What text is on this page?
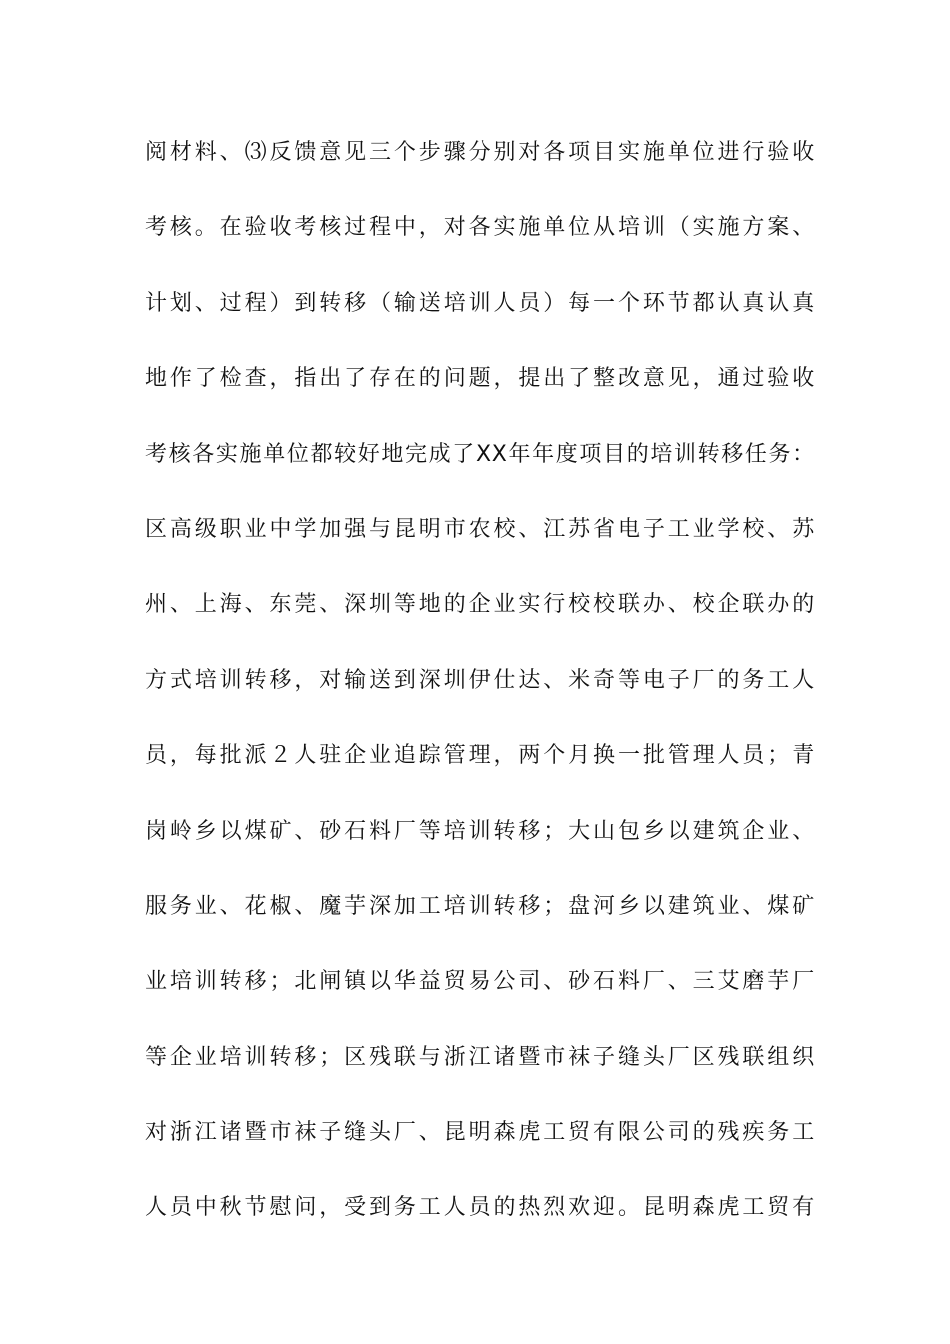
阅材料、⑶反馈意见三个步骤分别对各项目实施单位进行验收
考核。在验收考核过程中，对各实施单位从培训（实施方案、
计划、过程）到转移（输送培训人员）每一个环节都认真认真
地作了检查，指出了存在的问题，提出了整改意见，通过验收
考核各实施单位都较好地完成了XX年年度项目的培训转移任务：
区高级职业中学加强与昆明市农校、江苏省电子工业学校、苏
州、上海、东莞、深圳等地的企业实行校校联办、校企联办的
方式培训转移，对输送到深圳伊仕达、米奇等电子厂的务工人
员，每批派２人驻企业追踪管理，两个月换一批管理人员；青
岗岭乡以煤矿、砂石料厂等培训转移；大山包乡以建筑企业、
服务业、花椒、魔芋深加工培训转移；盘河乡以建筑业、煤矿
业培训转移；北闸镇以华益贸易公司、砂石料厂、三艾磨芋厂
等企业培训转移；区残联与浙江诸暨市袜子缝头厂区残联组织
对浙江诸暨市袜子缝头厂、昆明森虎工贸有限公司的残疾务工
人员中秋节慰问，受到务工人员的热烈欢迎。昆明森虎工贸有
